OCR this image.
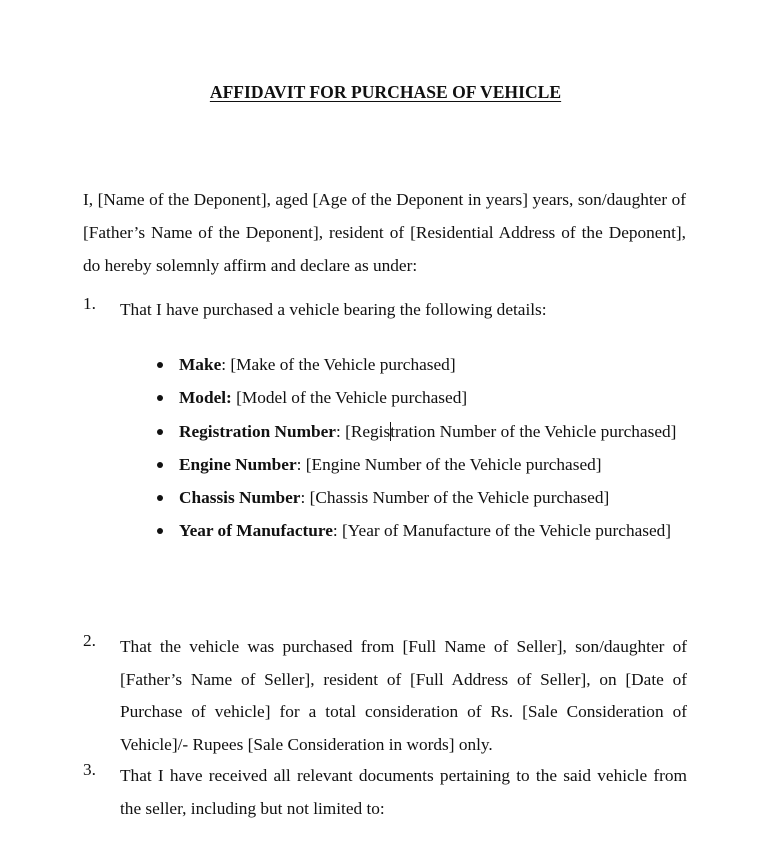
AFFIDAVIT FOR PURCHASE OF VEHICLE
I, [Name of the Deponent], aged [Age of the Deponent in years] years, son/daughter of [Father’s Name of the Deponent], resident of [Residential Address of the Deponent], do hereby solemnly affirm and declare as under:
1.	That I have purchased a vehicle bearing the following details:
Make: [Make of the Vehicle purchased]
Model: [Model of the Vehicle purchased]
Registration Number: [Registration Number of the Vehicle purchased]
Engine Number: [Engine Number of the Vehicle purchased]
Chassis Number: [Chassis Number of the Vehicle purchased]
Year of Manufacture: [Year of Manufacture of the Vehicle purchased]
2.	That the vehicle was purchased from [Full Name of Seller], son/daughter of [Father’s Name of Seller], resident of [Full Address of Seller], on [Date of Purchase of vehicle] for a total consideration of Rs. [Sale Consideration of Vehicle]/- Rupees [Sale Consideration in words] only.
3.	That I have received all relevant documents pertaining to the said vehicle from the seller, including but not limited to:
